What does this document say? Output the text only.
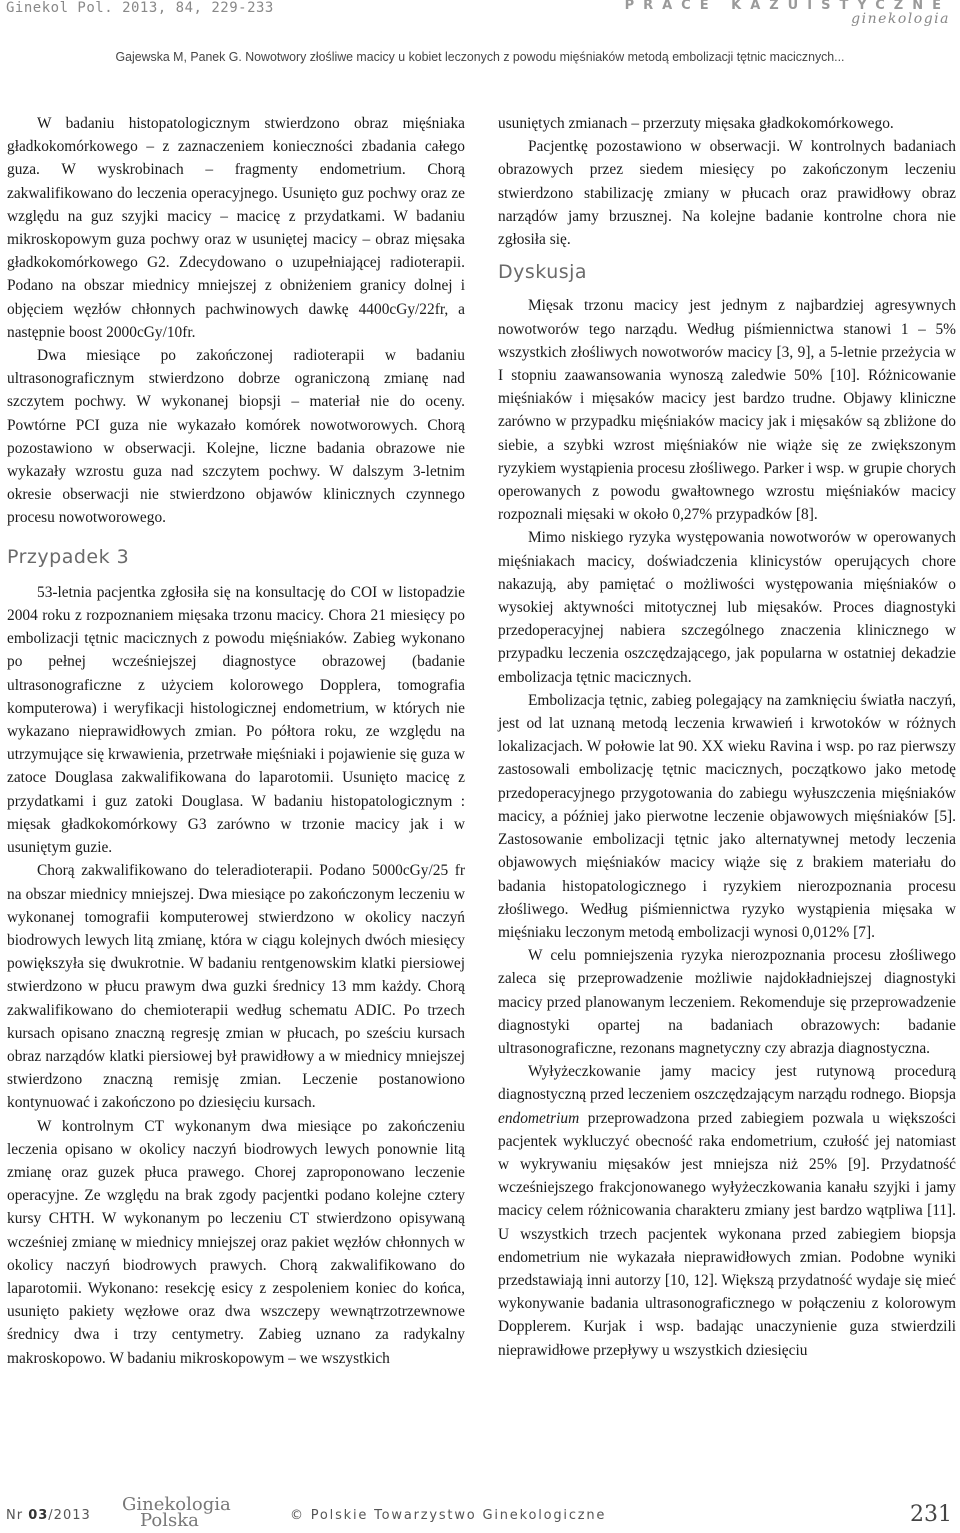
Ginekol Pol. 2013, 84, 229-233	PRACE KAZUISTYCZNE
ginekologia
Gajewska M, Panek G. Nowotwory złośliwe macicy u kobiet leczonych z powodu mięśniaków metodą embolizacji tętnic macicznych...

W badaniu histopatologicznym stwierdzono obraz mięśniaka gładkokomórkowego – z zaznaczeniem konieczności zbadania całego guza. W wyskrobinach – fragmenty endometrium. Chorą zakwalifikowano do leczenia operacyjnego. Usunięto guz pochwy oraz ze względu na guz szyjki macicy – macicę z przydatkami. W badaniu mikroskopowym guza pochwy oraz w usuniętej macicy – obraz mięsaka gładkokomórkowego G2. Zdecydowano o uzupełniającej radioterapii. Podano na obszar miednicy mniejszej z obniżeniem granicy dolnej i objęciem węzłów chłonnych pachwinowych dawkę 4400cGy/22fr, a następnie boost 2000cGy/10fr.

Dwa miesiące po zakończonej radioterapii w badaniu ultrasonograficznym stwierdzono dobrze ograniczoną zmianę nad szczytem pochwy. W wykonanej biopsji – materiał nie do oceny. Powtórne PCI guza nie wykazało komórek nowotworowych. Chorą pozostawiono w obserwacji. Kolejne, liczne badania obrazowe nie wykazały wzrostu guza nad szczytem pochwy. W dalszym 3-letnim okresie obserwacji nie stwierdzono objawów klinicznych czynnego procesu nowotworowego.

Przypadek 3

53-letnia pacjentka zgłosiła się na konsultację do COI w listopadzie 2004 roku z rozpoznaniem mięsaka trzonu macicy. Chora 21 miesięcy po embolizacji tętnic macicznych z powodu mięśniaków. Zabieg wykonano po pełnej wcześniejszej diagnostyce obrazowej (badanie ultrasonograficzne z użyciem kolorowego Dopplera, tomografia komputerowa) i weryfikacji histologicznej endometrium, w których nie wykazano nieprawidłowych zmian. Po półtora roku, ze względu na utrzymujące się krwawienia, przetrwałe mięśniaki i pojawienie się guza w zatoce Douglasa zakwalifikowana do laparotomii. Usunięto macicę z przydatkami i guz zatoki Douglasa. W badaniu histopatologicznym : mięsak gładkokomórkowy G3 zarówno w trzonie macicy jak i w usuniętym guzie.

Chorą zakwalifikowano do teleradioterapii. Podano 5000cGy/25 fr na obszar miednicy mniejszej. Dwa miesiące po zakończonym leczeniu w wykonanej tomografii komputerowej stwierdzono w okolicy naczyń biodrowych lewych litą zmianę, która w ciągu kolejnych dwóch miesięcy powiększyła się dwukrotnie. W badaniu rentgenowskim klatki piersiowej stwierdzono w płucu prawym dwa guzki średnicy 13 mm każdy. Chorą zakwalifikowano do chemioterapii według schematu ADIC. Po trzech kursach opisano znaczną regresję zmian w płucach, po sześciu kursach obraz narządów klatki piersiowej był prawidłowy a w miednicy mniejszej stwierdzono znaczną remisję zmian. Leczenie postanowiono kontynuować i zakończono po dziesięciu kursach.

W kontrolnym CT wykonanym dwa miesiące po zakończeniu leczenia opisano w okolicy naczyń biodrowych lewych ponownie litą zmianę oraz guzek płuca prawego. Chorej zaproponowano leczenie operacyjne. Ze względu na brak zgody pacjentki podano kolejne cztery kursy CHTH. W wykonanym po leczeniu CT stwierdzono opisywaną wcześniej zmianę w miednicy mniejszej oraz pakiet węzłów chłonnych w okolicy naczyń biodrowych prawych. Chorą zakwalifikowano do laparotomii. Wykonano: resekcję esicy z zespoleniem koniec do końca, usunięto pakiety węzłowe oraz dwa wszczepy wewnątrzotrzewnowe średnicy dwa i trzy centymetry. Zabieg uznano za radykalny makroskopowo. W badaniu mikroskopowym – we wszystkich

usuniętych zmianach – przerzuty mięsaka gładkokomórkowego.

Pacjentkę pozostawiono w obserwacji. W kontrolnych badaniach obrazowych przez siedem miesięcy po zakończonym leczeniu stwierdzono stabilizację zmiany w płucach oraz prawidłowy obraz narządów jamy brzusznej. Na kolejne badanie kontrolne chora nie zgłosiła się.

Dyskusja

Mięsak trzonu macicy jest jednym z najbardziej agresywnych nowotworów tego narządu. Według piśmiennictwa stanowi 1 – 5% wszystkich złośliwych nowotworów macicy [3, 9], a 5-letnie przeżycia w I stopniu zaawansowania wynoszą zaledwie 50% [10]. Różnicowanie mięśniaków i mięsaków macicy jest bardzo trudne. Objawy kliniczne zarówno w przypadku mięśniaków macicy jak i mięsaków są zbliżone do siebie, a szybki wzrost mięśniaków nie wiąże się ze zwiększonym ryzykiem wystąpienia procesu złośliwego. Parker i wsp. w grupie chorych operowanych z powodu gwałtownego wzrostu mięśniaków macicy rozpoznali mięsaki w około 0,27% przypadków [8].

Mimo niskiego ryzyka występowania nowotworów w operowanych mięśniakach macicy, doświadczenia klinicystów operujących chore nakazują, aby pamiętać o możliwości występowania mięśniaków o wysokiej aktywności mitotycznej lub mięsaków. Proces diagnostyki przedoperacyjnej nabiera szczególnego znaczenia klinicznego w przypadku leczenia oszczędzającego, jak popularna w ostatniej dekadzie embolizacja tętnic macicznych.

Embolizacja tętnic, zabieg polegający na zamknięciu światła naczyń, jest od lat uznaną metodą leczenia krwawień i krwotoków w różnych lokalizacjach. W połowie lat 90. XX wieku Ravina i wsp. po raz pierwszy zastosowali embolizację tętnic macicznych, początkowo jako metodę przedoperacyjnego przygotowania do zabiegu wyłuszczenia mięśniaków macicy, a później jako pierwotne leczenie objawowych mięśniaków [5]. Zastosowanie embolizacji tętnic jako alternatywnej metody leczenia objawowych mięśniaków macicy wiąże się z brakiem materiału do badania histopatologicznego i ryzykiem nierozpoznania procesu złośliwego. Według piśmiennictwa ryzyko wystąpienia mięsaka w mięśniaku leczonym metodą embolizacji wynosi 0,012% [7].

W celu pomniejszenia ryzyka nierozpoznania procesu złośliwego zaleca się przeprowadzenie możliwie najdokładniejszej diagnostyki macicy przed planowanym leczeniem. Rekomenduje się przeprowadzenie diagnostyki opartej na badaniach obrazowych: badanie ultrasonograficzne, rezonans magnetyczny czy abrazja diagnostyczna.

Wyłyżeczkowanie jamy macicy jest rutynową procedurą diagnostyczną przed leczeniem oszczędzającym narządu rodnego. Biopsja endometrium przeprowadzona przed zabiegiem pozwala u większości pacjentek wykluczyć obecność raka endometrium, czułość jej natomiast w wykrywaniu mięsaków jest mniejsza niż 25% [9]. Przydatność wcześniejszego frakcjonowanego wyłyżeczkowania kanału szyjki i jamy macicy celem różnicowania charakteru zmiany jest bardzo wątpliwa [11]. U wszystkich trzech pacjentek wykonana przed zabiegiem biopsja endometrium nie wykazała nieprawidłowych zmian. Podobne wyniki przedstawiają inni autorzy [10, 12]. Większą przydatność wydaje się mieć wykonywanie badania ultrasonograficznego w połączeniu z kolorowym Dopplerem. Kurjak i wsp. badając unaczynienie guza stwierdzili nieprawidłowe przepływy u wszystkich dziesięciu

Nr 03/2013
Ginekologia
Polska	© Polskie Towarzystwo Ginekologiczne	231
